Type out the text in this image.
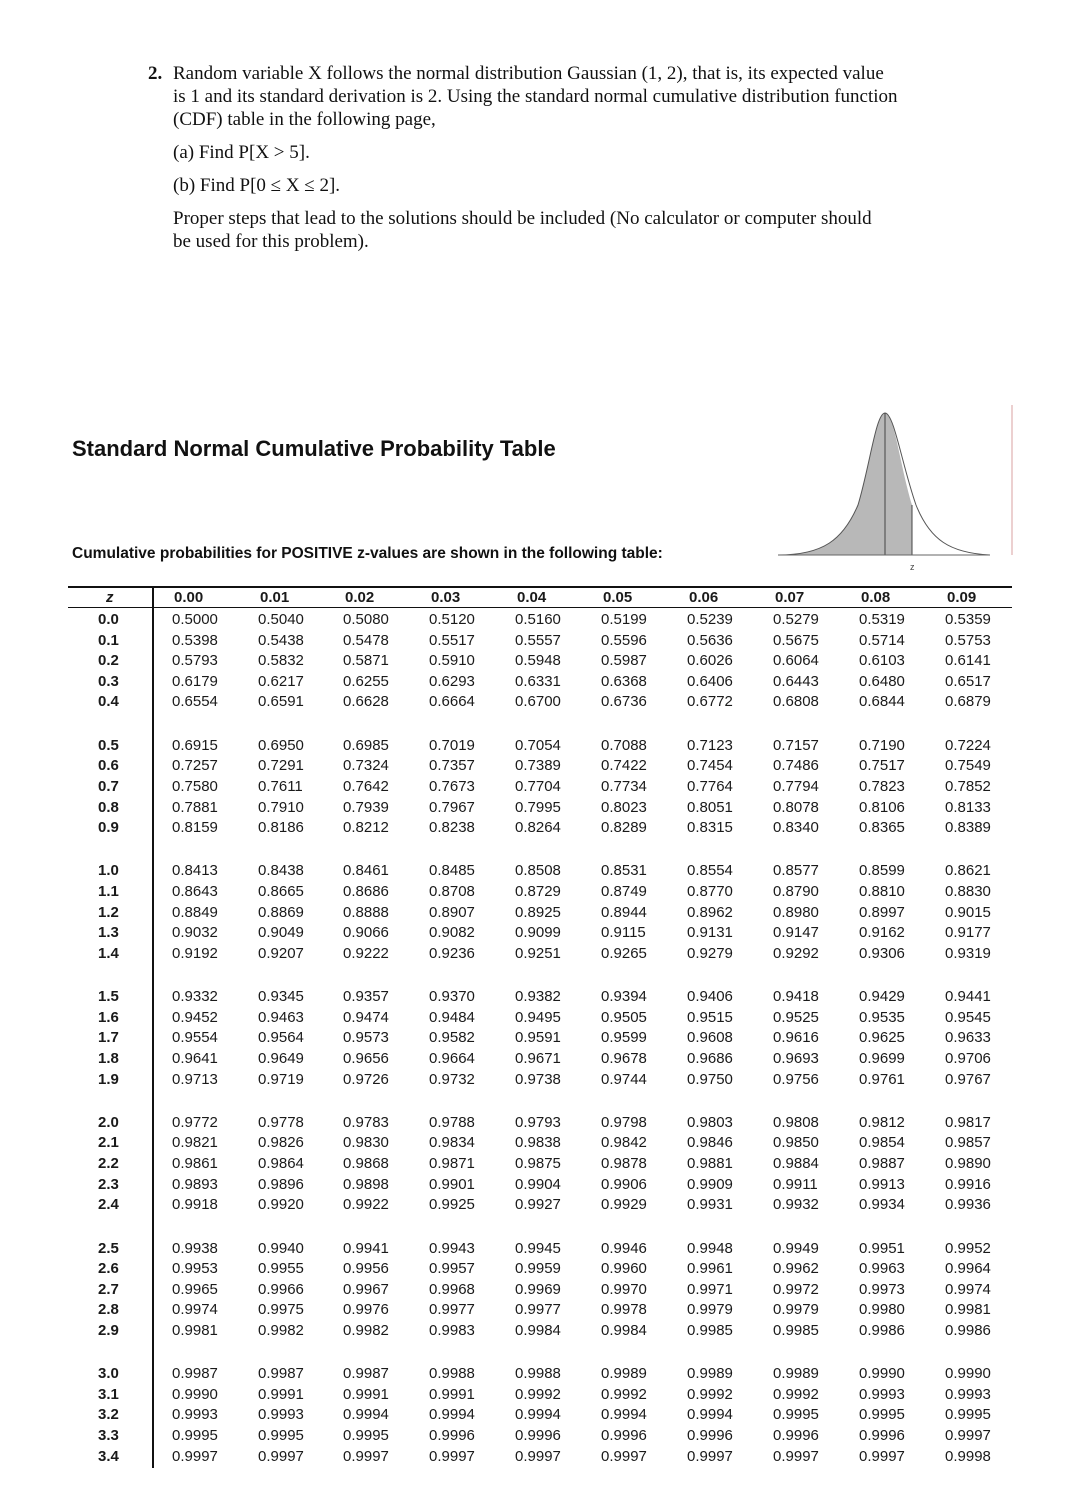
2. Random variable X follows the normal distribution Gaussian (1, 2), that is, its expected value
is 1 and its standard derivation is 2. Using the standard normal cumulative distribution function
(CDF) table in the following page,

(a) Find P[X > 5].

(b) Find P[0 ≤ X ≤ 2].

Proper steps that lead to the solutions should be included (No calculator or computer should
be used for this problem).

Standard Normal Cumulative Probability Table
Cumulative probabilities for POSITIVE z-values are shown in the following table:
z
z	0.00	0.01	0.02	0.03	0.04	0.05	0.06	0.07	0.08	0.09
0.0	0.5000	0.5040	0.5080	0.5120	0.5160	0.5199	0.5239	0.5279	0.5319	0.5359
0.1	0.5398	0.5438	0.5478	0.5517	0.5557	0.5596	0.5636	0.5675	0.5714	0.5753
0.2	0.5793	0.5832	0.5871	0.5910	0.5948	0.5987	0.6026	0.6064	0.6103	0.6141
0.3	0.6179	0.6217	0.6255	0.6293	0.6331	0.6368	0.6406	0.6443	0.6480	0.6517
0.4	0.6554	0.6591	0.6628	0.6664	0.6700	0.6736	0.6772	0.6808	0.6844	0.6879
0.5	0.6915	0.6950	0.6985	0.7019	0.7054	0.7088	0.7123	0.7157	0.7190	0.7224
0.6	0.7257	0.7291	0.7324	0.7357	0.7389	0.7422	0.7454	0.7486	0.7517	0.7549
0.7	0.7580	0.7611	0.7642	0.7673	0.7704	0.7734	0.7764	0.7794	0.7823	0.7852
0.8	0.7881	0.7910	0.7939	0.7967	0.7995	0.8023	0.8051	0.8078	0.8106	0.8133
0.9	0.8159	0.8186	0.8212	0.8238	0.8264	0.8289	0.8315	0.8340	0.8365	0.8389
1.0	0.8413	0.8438	0.8461	0.8485	0.8508	0.8531	0.8554	0.8577	0.8599	0.8621
1.1	0.8643	0.8665	0.8686	0.8708	0.8729	0.8749	0.8770	0.8790	0.8810	0.8830
1.2	0.8849	0.8869	0.8888	0.8907	0.8925	0.8944	0.8962	0.8980	0.8997	0.9015
1.3	0.9032	0.9049	0.9066	0.9082	0.9099	0.9115	0.9131	0.9147	0.9162	0.9177
1.4	0.9192	0.9207	0.9222	0.9236	0.9251	0.9265	0.9279	0.9292	0.9306	0.9319
1.5	0.9332	0.9345	0.9357	0.9370	0.9382	0.9394	0.9406	0.9418	0.9429	0.9441
1.6	0.9452	0.9463	0.9474	0.9484	0.9495	0.9505	0.9515	0.9525	0.9535	0.9545
1.7	0.9554	0.9564	0.9573	0.9582	0.9591	0.9599	0.9608	0.9616	0.9625	0.9633
1.8	0.9641	0.9649	0.9656	0.9664	0.9671	0.9678	0.9686	0.9693	0.9699	0.9706
1.9	0.9713	0.9719	0.9726	0.9732	0.9738	0.9744	0.9750	0.9756	0.9761	0.9767
2.0	0.9772	0.9778	0.9783	0.9788	0.9793	0.9798	0.9803	0.9808	0.9812	0.9817
2.1	0.9821	0.9826	0.9830	0.9834	0.9838	0.9842	0.9846	0.9850	0.9854	0.9857
2.2	0.9861	0.9864	0.9868	0.9871	0.9875	0.9878	0.9881	0.9884	0.9887	0.9890
2.3	0.9893	0.9896	0.9898	0.9901	0.9904	0.9906	0.9909	0.9911	0.9913	0.9916
2.4	0.9918	0.9920	0.9922	0.9925	0.9927	0.9929	0.9931	0.9932	0.9934	0.9936
2.5	0.9938	0.9940	0.9941	0.9943	0.9945	0.9946	0.9948	0.9949	0.9951	0.9952
2.6	0.9953	0.9955	0.9956	0.9957	0.9959	0.9960	0.9961	0.9962	0.9963	0.9964
2.7	0.9965	0.9966	0.9967	0.9968	0.9969	0.9970	0.9971	0.9972	0.9973	0.9974
2.8	0.9974	0.9975	0.9976	0.9977	0.9977	0.9978	0.9979	0.9979	0.9980	0.9981
2.9	0.9981	0.9982	0.9982	0.9983	0.9984	0.9984	0.9985	0.9985	0.9986	0.9986
3.0	0.9987	0.9987	0.9987	0.9988	0.9988	0.9989	0.9989	0.9989	0.9990	0.9990
3.1	0.9990	0.9991	0.9991	0.9991	0.9992	0.9992	0.9992	0.9992	0.9993	0.9993
3.2	0.9993	0.9993	0.9994	0.9994	0.9994	0.9994	0.9994	0.9995	0.9995	0.9995
3.3	0.9995	0.9995	0.9995	0.9996	0.9996	0.9996	0.9996	0.9996	0.9996	0.9997
3.4	0.9997	0.9997	0.9997	0.9997	0.9997	0.9997	0.9997	0.9997	0.9997	0.9998
